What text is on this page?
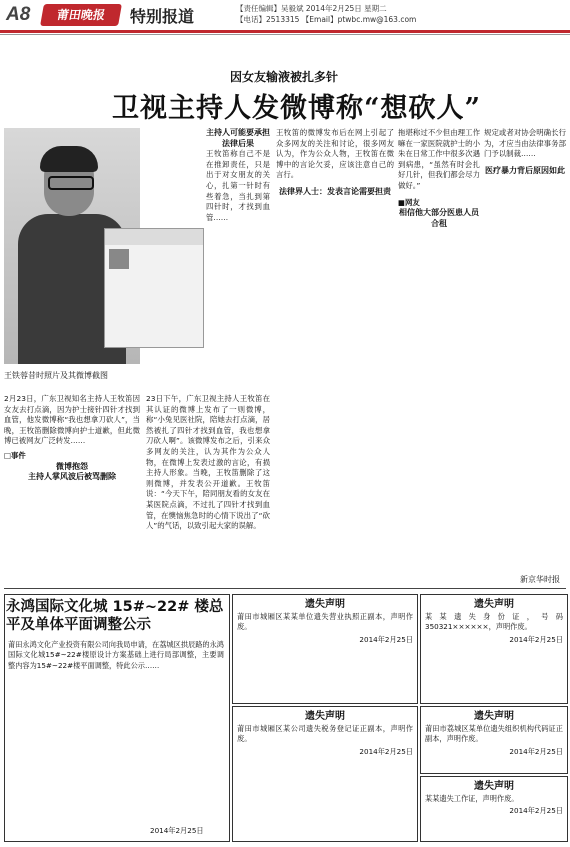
A8	莆田晚报	特别报道	【责任编辑】吴毅斌 2014年2月25日 星期二
【电话】2513315 【Email】ptwbc.mw@163.com
因女友输液被扎多针
卫视主持人发微博称“想砍人”
王铁蓉昔时照片及其微博截图
2月23日，广东卫视知名主持人王牧笛因女友去打点滴，因为护士接针四针才找到血管，他发微博称“我也想拿刀砍人”，当晚，王牧笛删除微博向护士道歉，但此微博已被网友广泛转发……
□事件
微博抱怨
主持人掌风波后被骂删除
23日下午，广东卫视主持人王牧笛在其认证的微博上发布了一则微博，称“小兔见医社院，陪她去打点滴，居然被扎了四针才找到血管，我也想拿刀砍人啊”。该微博发布之后，引来众多网友的关注，认为其作为公众人物，在微博上发表过激的言论，有损主持人形象。当晚，王牧笛删除了这则微博，并发表公开道歉。王牧笛说：“今天下午，陪同朋友看的女友在某医院点滴，不过扎了四针才找到血管，在懊恼焦急时的心情下说出了“砍人”的气话，以致引起大家的误解。
主持人可能要承担法律后果
王牧笛称自己不是在推卸责任，只是出于对女朋友的关心，扎第一针时有些着急，当扎到第四针时，才找到血管……
王牧笛的微博发布后在网上引起了众多网友的关注和讨论，很多网友认为，作为公众人物，王牧笛在微博中的言论欠妥，应该注意自己的言行。
法律界人士：发表言论需要担责
拖堪称过不少但由理工作嘛在一家医院就护士的小朱在日常工作中很多次遇到病患，“虽然有时会扎好几针，但我们都会尽力做好。”
■网友
相信他大部分医患人员合租
规定或者对协会明确长行为，才应当由法律事务部门予以制裁……
医疗暴力背后原因如此
新京华时报
永鸿国际文化城 15#~22# 楼总平及单体平面调整公示
莆田永鸿文化产业投资有限公司向我局申请，在荔城区拱辰路的永鸿国际文化城15#~22#楼原设计方案基础上进行局部调整，主要调整内容为15#~22#楼平面调整，特此公示……
2014年2月25日
遗失声明
莆田市城厢区某某单位遗失营业执照正副本，声明作废。
2014年2月25日
遗失声明
某某遗失身份证，号码350321××××××，声明作废。
2014年2月25日
遗失声明
莆田市荔城区某单位遗失组织机构代码证正副本，声明作废。
2014年2月25日
遗失声明
莆田市城厢区某公司遗失税务登记证正副本，声明作废。
2014年2月25日
遗失声明
某某遗失工作证，声明作废。
2014年2月25日
